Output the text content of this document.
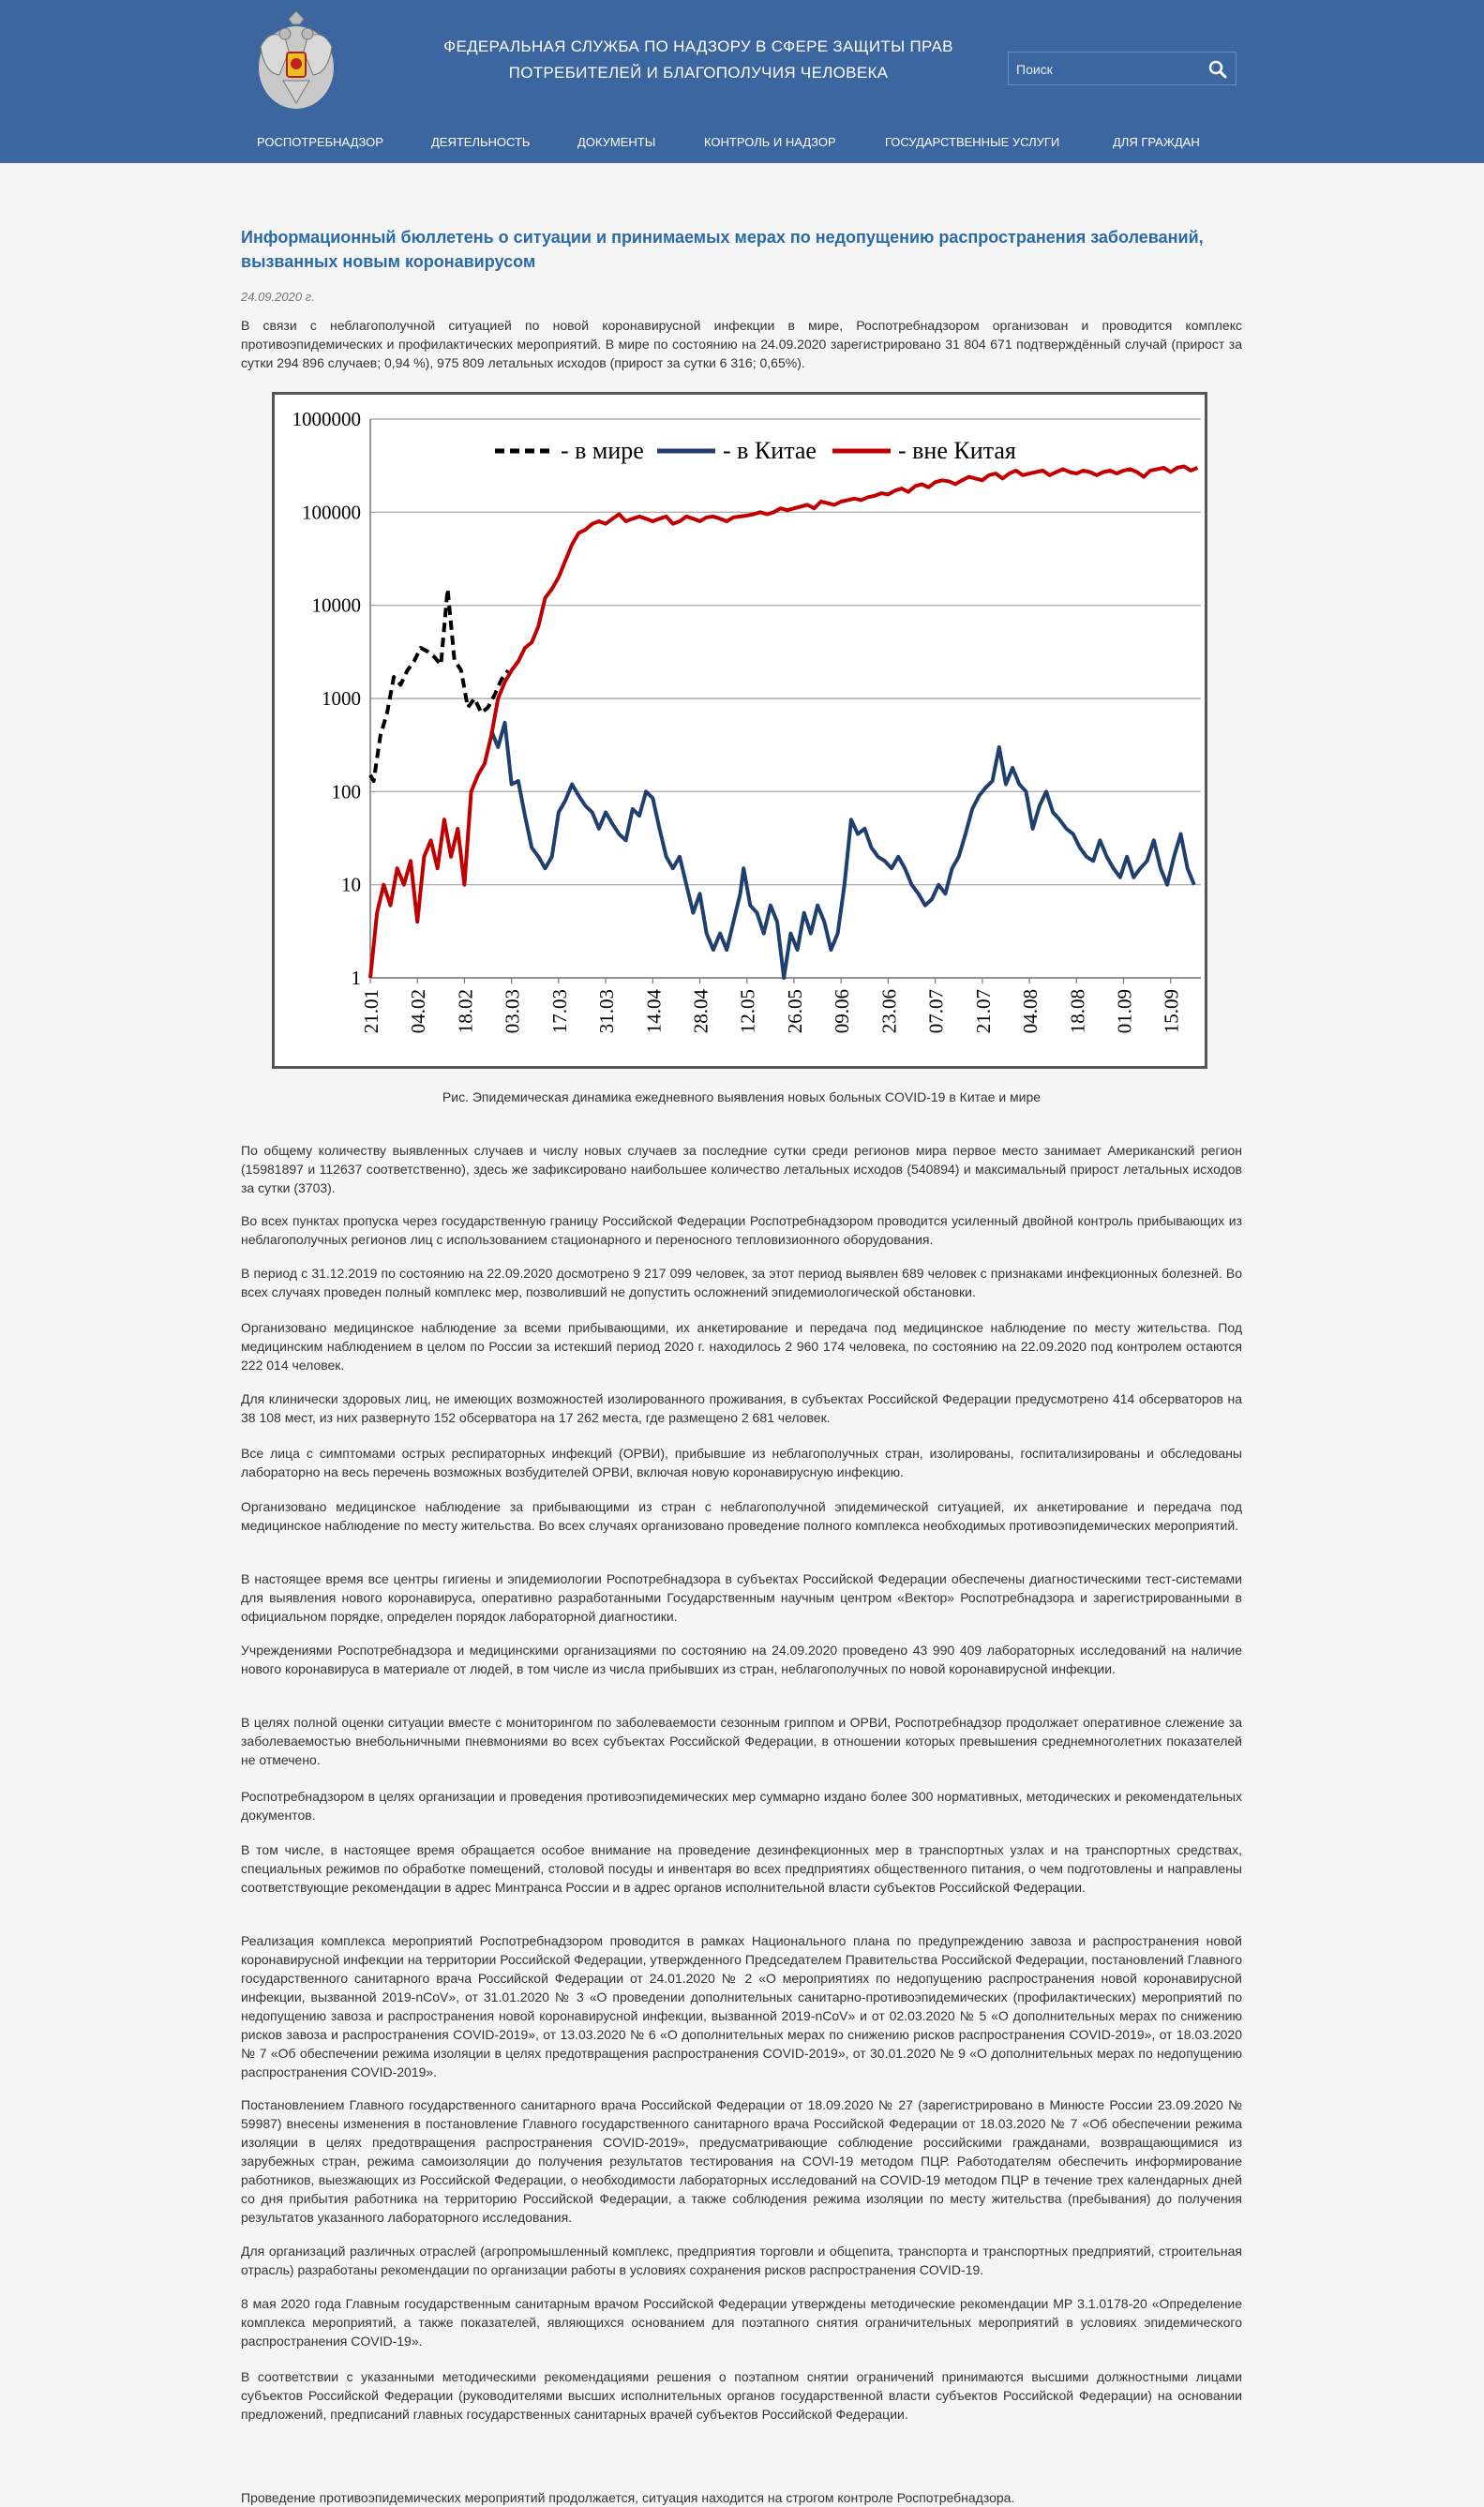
ФЕДЕРАЛЬНАЯ СЛУЖБА ПО НАДЗОРУ В СФЕРЕ ЗАЩИТЫ ПРАВ
ПОТРЕБИТЕЛЕЙ И БЛАГОПОЛУЧИЯ ЧЕЛОВЕКА
Поиск
РОСПОТРЕБНАДЗОР	ДЕЯТЕЛЬНОСТЬ	ДОКУМЕНТЫ	КОНТРОЛЬ И НАДЗОР	ГОСУДАРСТВЕННЫЕ УСЛУГИ	ДЛЯ ГРАЖДАН
Информационный бюллетень о ситуации и принимаемых мерах по недопущению распространения заболеваний, вызванных новым коронавирусом
24.09.2020 г.

В связи с неблагополучной ситуацией по новой коронавирусной инфекции в мире, Роспотребнадзором организован и проводится комплекс противоэпидемических и профилактических мероприятий. В мире по состоянию на 24.09.2020 зарегистрировано 31 804 671 подтверждённый случай (прирост за сутки 294 896 случаев; 0,94 %), 975 809 летальных исходов (прирост за сутки 6 316; 0,65%).

1
10
100
1000
10000
100000
1000000
21.01 04.02 18.02 03.03 17.03 31.03 14.04 28.04 12.05 26.05 09.06 23.06 07.07 21.07 04.08 18.08 01.09 15.09
- в мире	- в Китае	- вне Китая
Рис. Эпидемическая динамика ежедневного выявления новых больных COVID-19 в Китае и мире

По общему количеству выявленных случаев и числу новых случаев за последние сутки среди регионов мира первое место занимает Американский регион (15981897 и 112637 соответственно), здесь же зафиксировано наибольшее количество летальных исходов (540894) и максимальный прирост летальных исходов за сутки (3703).

Во всех пунктах пропуска через государственную границу Российской Федерации Роспотребнадзором проводится усиленный двойной контроль прибывающих из неблагополучных регионов лиц с использованием стационарного и переносного тепловизионного оборудования.

В период с 31.12.2019 по состоянию на 22.09.2020 досмотрено 9 217 099 человек, за этот период выявлен 689 человек с признаками инфекционных болезней. Во всех случаях проведен полный комплекс мер, позволивший не допустить осложнений эпидемиологической обстановки.

Организовано медицинское наблюдение за всеми прибывающими, их анкетирование и передача под медицинское наблюдение по месту жительства. Под медицинским наблюдением в целом по России за истекший период 2020 г. находилось 2 960 174 человека, по состоянию на 22.09.2020 под контролем остаются 222 014 человек.

Для клинически здоровых лиц, не имеющих возможностей изолированного проживания, в субъектах Российской Федерации предусмотрено 414 обсерваторов на 38 108 мест, из них развернуто 152 обсерватора на 17 262 места, где размещено 2 681 человек.

Все лица с симптомами острых респираторных инфекций (ОРВИ), прибывшие из неблагополучных стран, изолированы, госпитализированы и обследованы лабораторно на весь перечень возможных возбудителей ОРВИ, включая новую коронавирусную инфекцию.

Организовано медицинское наблюдение за прибывающими из стран с неблагополучной эпидемической ситуацией, их анкетирование и передача под медицинское наблюдение по месту жительства. Во всех случаях организовано проведение полного комплекса необходимых противоэпидемических мероприятий.

В настоящее время все центры гигиены и эпидемиологии Роспотребнадзора в субъектах Российской Федерации обеспечены диагностическими тест-системами для выявления нового коронавируса, оперативно разработанными Государственным научным центром «Вектор» Роспотребнадзора и зарегистрированными в официальном порядке, определен порядок лабораторной диагностики.

Учреждениями Роспотребнадзора и медицинскими организациями по состоянию на 24.09.2020 проведено 43 990 409 лабораторных исследований на наличие нового коронавируса в материале от людей, в том числе из числа прибывших из стран, неблагополучных по новой коронавирусной инфекции.

В целях полной оценки ситуации вместе с мониторингом по заболеваемости сезонным гриппом и ОРВИ, Роспотребнадзор продолжает оперативное слежение за заболеваемостью внебольничными пневмониями во всех субъектах Российской Федерации, в отношении которых превышения среднемноголетних показателей не отмечено.

Роспотребнадзором в целях организации и проведения противоэпидемических мер суммарно издано более 300 нормативных, методических и рекомендательных документов.

В том числе, в настоящее время обращается особое внимание на проведение дезинфекционных мер в транспортных узлах и на транспортных средствах, специальных режимов по обработке помещений, столовой посуды и инвентаря во всех предприятиях общественного питания, о чем подготовлены и направлены соответствующие рекомендации в адрес Минтранса России и в адрес органов исполнительной власти субъектов Российской Федерации.

Реализация комплекса мероприятий Роспотребнадзором проводится в рамках Национального плана по предупреждению завоза и распространения новой коронавирусной инфекции на территории Российской Федерации, утвержденного Председателем Правительства Российской Федерации, постановлений Главного государственного санитарного врача Российской Федерации от 24.01.2020 № 2 «О мероприятиях по недопущению распространения новой коронавирусной инфекции, вызванной 2019-nCoV», от 31.01.2020 № 3 «О проведении дополнительных санитарно-противоэпидемических (профилактических) мероприятий по недопущению завоза и распространения новой коронавирусной инфекции, вызванной 2019-nCoV» и от 02.03.2020 № 5 «О дополнительных мерах по снижению рисков завоза и распространения COVID-2019», от 13.03.2020 № 6 «О дополнительных мерах по снижению рисков распространения COVID-2019», от 18.03.2020 № 7 «Об обеспечении режима изоляции в целях предотвращения распространения COVID-2019», от 30.01.2020 № 9 «О дополнительных мерах по недопущению распространения COVID-2019».

Постановлением Главного государственного санитарного врача Российской Федерации от 18.09.2020 № 27 (зарегистрировано в Минюсте России 23.09.2020 № 59987) внесены изменения в постановление Главного государственного санитарного врача Российской Федерации от 18.03.2020 № 7 «Об обеспечении режима изоляции в целях предотвращения распространения COVID-2019», предусматривающие соблюдение российскими гражданами, возвращающимися из зарубежных стран, режима самоизоляции до получения результатов тестирования на COVI-19 методом ПЦР. Работодателям обеспечить информирование работников, выезжающих из Российской Федерации, о необходимости лабораторных исследований на COVID-19 методом ПЦР в течение трех календарных дней со дня прибытия работника на территорию Российской Федерации, а также соблюдения режима изоляции по месту жительства (пребывания) до получения результатов указанного лабораторного исследования.

Для организаций различных отраслей (агропромышленный комплекс, предприятия торговли и общепита, транспорта и транспортных предприятий, строительная отрасль) разработаны рекомендации по организации работы в условиях сохранения рисков распространения COVID-19.

8 мая 2020 года Главным государственным санитарным врачом Российской Федерации утверждены методические рекомендации МР 3.1.0178-20 «Определение комплекса мероприятий, а также показателей, являющихся основанием для поэтапного снятия ограничительных мероприятий в условиях эпидемического распространения COVID-19».

В соответствии с указанными методическими рекомендациями решения о поэтапном снятии ограничений принимаются высшими должностными лицами субъектов Российской Федерации (руководителями высших исполнительных органов государственной власти субъектов Российской Федерации) на основании предложений, предписаний главных государственных санитарных врачей субъектов Российской Федерации.

Проведение противоэпидемических мероприятий продолжается, ситуация находится на строгом контроле Роспотребнадзора.
